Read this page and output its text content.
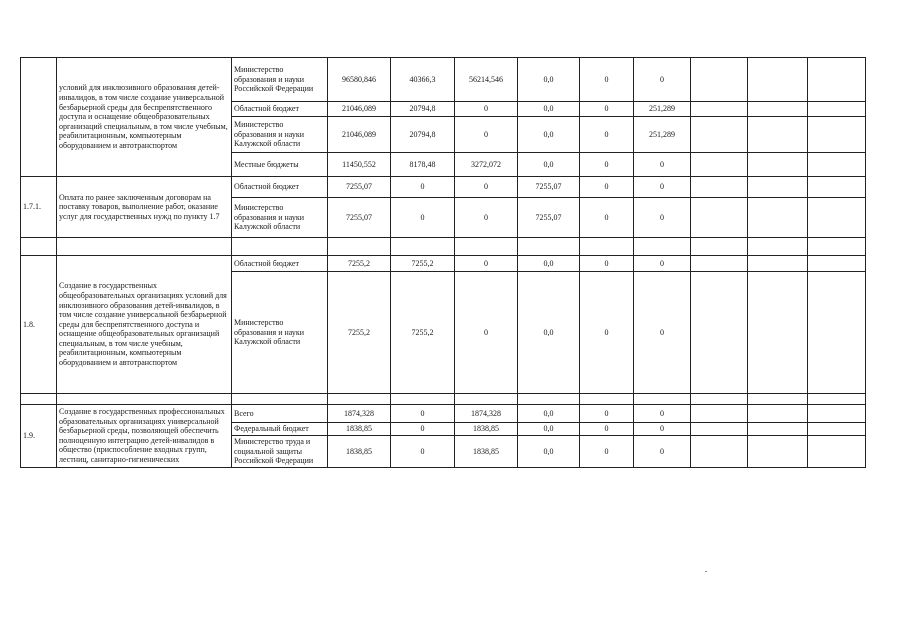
	условий для инклюзивного образования детей-инвалидов, в том числе создание универсальной безбарьерной среды для беспрепятственного доступа и оснащение общеобразовательных организаций специальным, в том числе учебным, реабилитационным, компьютерным оборудованием и автотранспортом	Министерство образования и науки Российской Федерации	96580,846	40366,3	56214,546	0,0	0	0			
		Областной бюджет	21046,089	20794,8	0	0,0	0	251,289			
		Министерство образования и науки Калужской области	21046,089	20794,8	0	0,0	0	251,289			
		Местные бюджеты	11450,552	8178,48	3272,072	0,0	0	0			
1.7.1.	Оплата по ранее заключенным договорам на поставку товаров, выполнение работ, оказание услуг для государственных нужд по пункту 1.7	Областной бюджет	7255,07	0	0	7255,07	0	0			
		Министерство образования и науки Калужской области	7255,07	0	0	7255,07	0	0			

1.8.	Создание в государственных общеобразовательных организациях условий для инклюзивного образования детей-инвалидов, в том числе создание универсальной безбарьерной среды для беспрепятственного доступа и оснащение общеобразовательных организаций специальным, в том числе учебным, реабилитационным, компьютерным оборудованием и автотранспортом	Областной бюджет	7255,2	7255,2	0	0,0	0	0			
		Министерство образования и науки Калужской области	7255,2	7255,2	0	0,0	0	0			

1.9.	Создание в государственных профессиональных образовательных организациях универсальной безбарьерной среды, позволяющей обеспечить полноценную интеграцию детей-инвалидов в общество (приспособление входных групп, лестниц, санитарно-гигиенических	Всего	1874,328	0	1874,328	0,0	0	0			
		Федеральный бюджет	1838,85	0	1838,85	0,0	0	0			
		Министерство труда и социальной защиты Российской Федерации	1838,85	0	1838,85	0,0	0	0			
